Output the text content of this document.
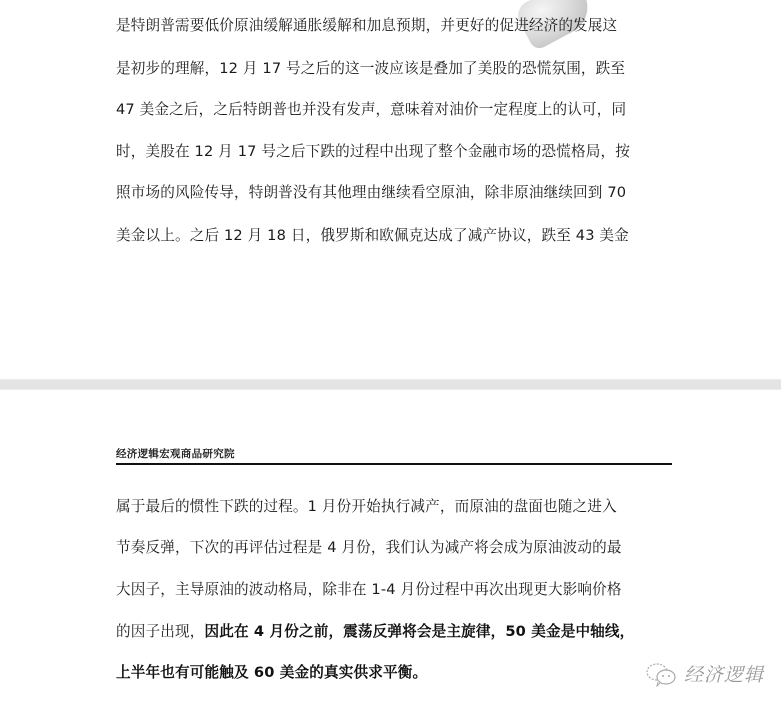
是特朗普需要低价原油缓解通胀缓解和加息预期，并更好的促进经济的发展这
是初步的理解，12 月 17 号之后的这一波应该是叠加了美股的恐慌氛围，跌至
47 美金之后，之后特朗普也并没有发声，意味着对油价一定程度上的认可，同
时，美股在 12 月 17 号之后下跌的过程中出现了整个金融市场的恐慌格局，按
照市场的风险传导，特朗普没有其他理由继续看空原油，除非原油继续回到 70
美金以上。之后 12 月 18 日，俄罗斯和欧佩克达成了减产协议，跌至 43 美金
经济逻辑宏观商品研究院
属于最后的惯性下跌的过程。1 月份开始执行减产，而原油的盘面也随之进入
节奏反弹，下次的再评估过程是 4 月份，我们认为减产将会成为原油波动的最
大因子，主导原油的波动格局，除非在 1-4 月份过程中再次出现更大影响价格
的因子出现，因此在 4 月份之前，震荡反弹将会是主旋律，50 美金是中轴线，
上半年也有可能触及 60 美金的真实供求平衡。	经济逻辑
